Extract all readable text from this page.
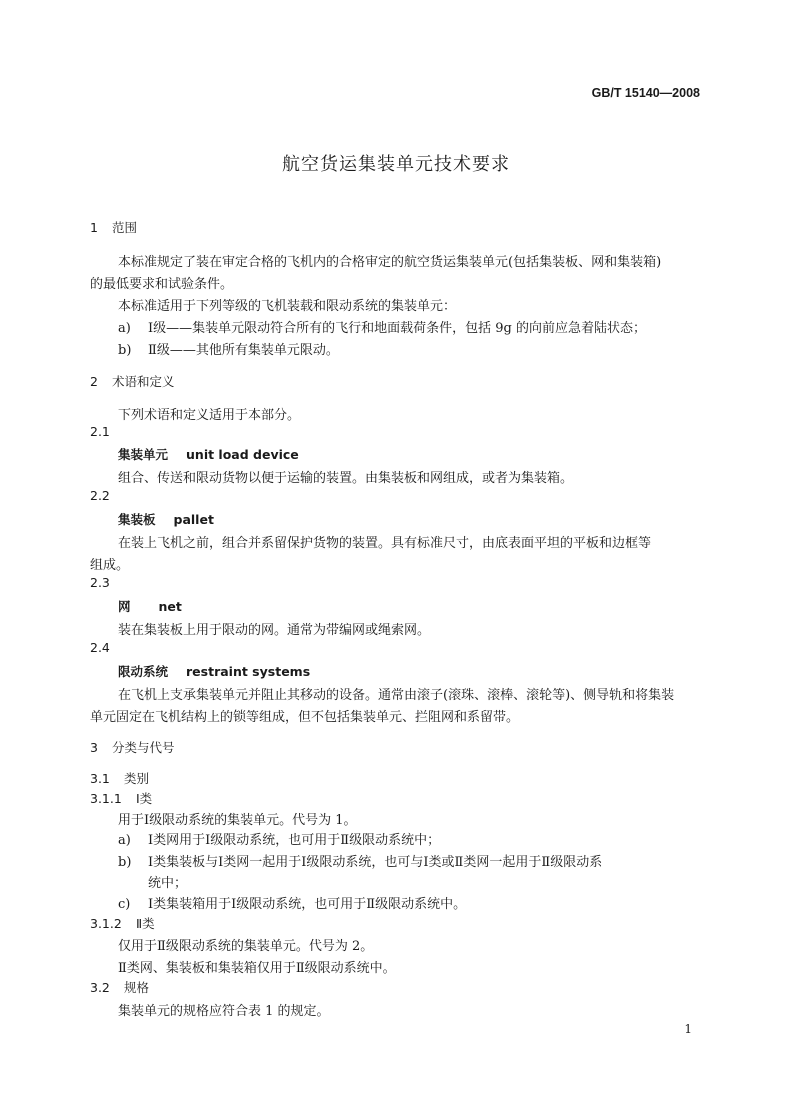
GB/T 15140—2008
航空货运集装单元技术要求
1 范围
本标准规定了装在审定合格的飞机内的合格审定的航空货运集装单元(包括集装板、网和集装箱)
的最低要求和试验条件。
本标准适用于下列等级的飞机装载和限动系统的集装单元：
a) Ⅰ级——集装单元限动符合所有的飞行和地面载荷条件，包括 9g 的向前应急着陆状态；
b) Ⅱ级——其他所有集装单元限动。
2 术语和定义
下列术语和定义适用于本部分。
2.1
集装单元 unit load device
组合、传送和限动货物以便于运输的装置。由集装板和网组成，或者为集装箱。
2.2
集装板 pallet
在装上飞机之前，组合并系留保护货物的装置。具有标准尺寸，由底表面平坦的平板和边框等
组成。
2.3
网 net
装在集装板上用于限动的网。通常为带编网或绳索网。
2.4
限动系统 restraint systems
在飞机上支承集装单元并阻止其移动的设备。通常由滚子(滚珠、滚棒、滚轮等)、侧导轨和将集装
单元固定在飞机结构上的锁等组成，但不包括集装单元、拦阻网和系留带。
3 分类与代号
3.1 类别
3.1.1 Ⅰ类
用于Ⅰ级限动系统的集装单元。代号为 1。
a) Ⅰ类网用于Ⅰ级限动系统，也可用于Ⅱ级限动系统中；
b) Ⅰ类集装板与Ⅰ类网一起用于Ⅰ级限动系统，也可与Ⅰ类或Ⅱ类网一起用于Ⅱ级限动系
统中；
c) Ⅰ类集装箱用于Ⅰ级限动系统，也可用于Ⅱ级限动系统中。
3.1.2 Ⅱ类
仅用于Ⅱ级限动系统的集装单元。代号为 2。
Ⅱ类网、集装板和集装箱仅用于Ⅱ级限动系统中。
3.2 规格
集装单元的规格应符合表 1 的规定。
1
